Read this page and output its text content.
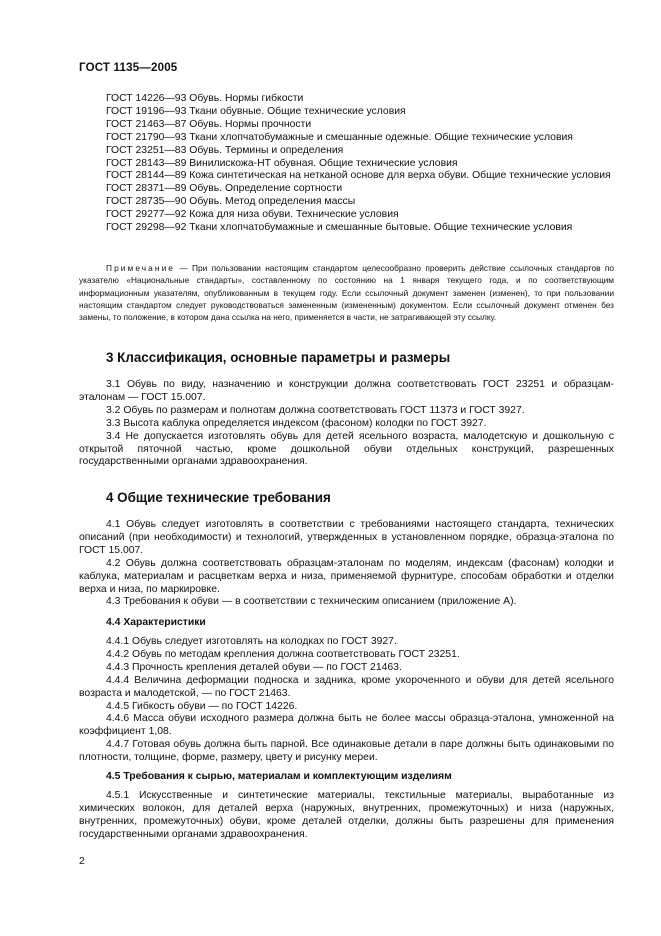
ГОСТ 1135—2005
ГОСТ 14226—93 Обувь. Нормы гибкости
ГОСТ 19196—93 Ткани обувные. Общие технические условия
ГОСТ 21463—87 Обувь. Нормы прочности
ГОСТ 21790—93 Ткани хлопчатобумажные и смешанные одежные. Общие технические условия
ГОСТ 23251—83 Обувь. Термины и определения
ГОСТ 28143—89 Винилискожа-НТ обувная. Общие технические условия
ГОСТ 28144—89 Кожа синтетическая на нетканой основе для верха обуви. Общие технические условия
ГОСТ 28371—89 Обувь. Определение сортности
ГОСТ 28735—90 Обувь. Метод определения массы
ГОСТ 29277—92 Кожа для низа обуви. Технические условия
ГОСТ 29298—92 Ткани хлопчатобумажные и смешанные бытовые. Общие технические условия
Примечание — При пользовании настоящим стандартом целесообразно проверить действие ссылочных стандартов по указателю «Национальные стандарты», составленному по состоянию на 1 января текущего года, и по соответствующим информационным указателям, опубликованным в текущем году. Если ссылочный документ заменен (изменен), то при пользовании настоящим стандартом следует руководствоваться замененным (измененным) документом. Если ссылочный документ отменен без замены, то положение, в котором дана ссылка на него, применяется в части, не затрагивающей эту ссылку.
3 Классификация, основные параметры и размеры
3.1 Обувь по виду, назначению и конструкции должна соответствовать ГОСТ 23251 и образцам-эталонам — ГОСТ 15.007.
3.2 Обувь по размерам и полнотам должна соответствовать ГОСТ 11373 и ГОСТ 3927.
3.3 Высота каблука определяется индексом (фасоном) колодки по ГОСТ 3927.
3.4 Не допускается изготовлять обувь для детей ясельного возраста, малодетскую и дошкольную с открытой пяточной частью, кроме дошкольной обуви отдельных конструкций, разрешенных государственными органами здравоохранения.
4 Общие технические требования
4.1 Обувь следует изготовлять в соответствии с требованиями настоящего стандарта, технических описаний (при необходимости) и технологий, утвержденных в установленном порядке, образца-эталона по ГОСТ 15.007.
4.2 Обувь должна соответствовать образцам-эталонам по моделям, индексам (фасонам) колодки и каблука, материалам и расцветкам верха и низа, применяемой фурнитуре, способам обработки и отделки верха и низа, по маркировке.
4.3 Требования к обуви — в соответствии с техническим описанием (приложение А).
4.4 Характеристики
4.4.1 Обувь следует изготовлять на колодках по ГОСТ 3927.
4.4.2 Обувь по методам крепления должна соответствовать ГОСТ 23251.
4.4.3 Прочность крепления деталей обуви — по ГОСТ 21463.
4.4.4 Величина деформации подноска и задника, кроме укороченного и обуви для детей ясельного возраста и малодетской, — по ГОСТ 21463.
4.4.5 Гибкость обуви — по ГОСТ 14226.
4.4.6 Масса обуви исходного размера должна быть не более массы образца-эталона, умноженной на коэффициент 1,08.
4.4.7 Готовая обувь должна быть парной. Все одинаковые детали в паре должны быть одинаковыми по плотности, толщине, форме, размеру, цвету и рисунку мереи.
4.5 Требования к сырью, материалам и комплектующим изделиям
4.5.1 Искусственные и синтетические материалы, текстильные материалы, выработанные из химических волокон, для деталей верха (наружных, внутренних, промежуточных) и низа (наружных, внутренних, промежуточных) обуви, кроме деталей отделки, должны быть разрешены для применения государственными органами здравоохранения.
2
